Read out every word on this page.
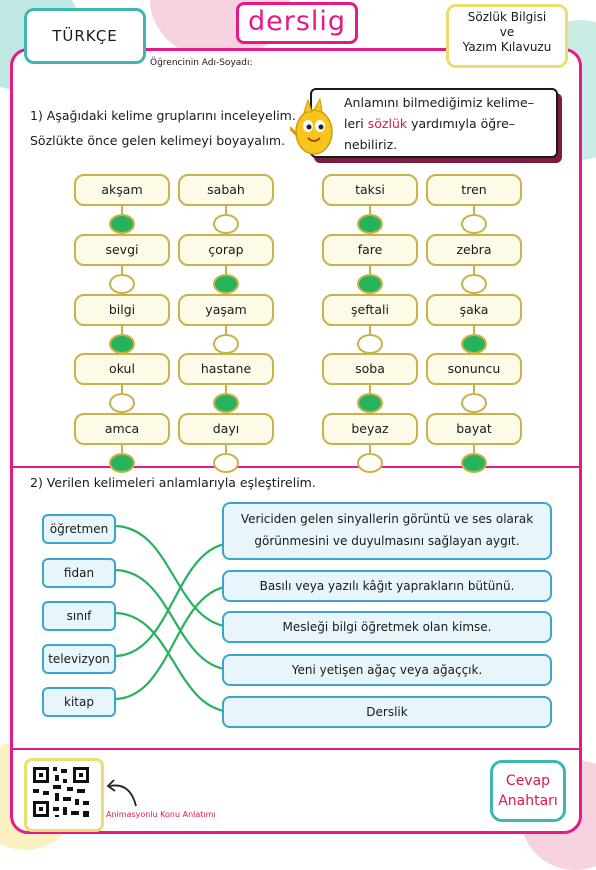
TÜRKÇE	derslig	Sözlük Bilgisi
ve
Yazım Kılavuzu
Öğrencinin Adı-Soyadı:
1) Aşağıdaki kelime gruplarını inceleyelim.
Sözlükte önce gelen kelimeyi boyayalım.
Anlamını bilmediğimiz kelime–
leri sözlük yardımıyla öğre–
nebiliriz.
akşam	sabah
sevgi	çorap
bilgi	yaşam
okul	hastane
amca	dayı
taksi	tren
fare	zebra
şeftali	şaka
soba	sonuncu
beyaz	bayat
2) Verilen kelimeleri anlamlarıyla eşleştirelim.
öğretmen
fidan
sınıf
televizyon
kitap
Vericiden gelen sinyallerin görüntü ve ses olarak görünmesini ve duyulmasını sağlayan aygıt.
Basılı veya yazılı kâğıt yaprakların bütünü.
Mesleği bilgi öğretmek olan kimse.
Yeni yetişen ağaç veya ağaççık.
Derslik
Animasyonlu Konu Anlatımı
Cevap
Anahtarı
